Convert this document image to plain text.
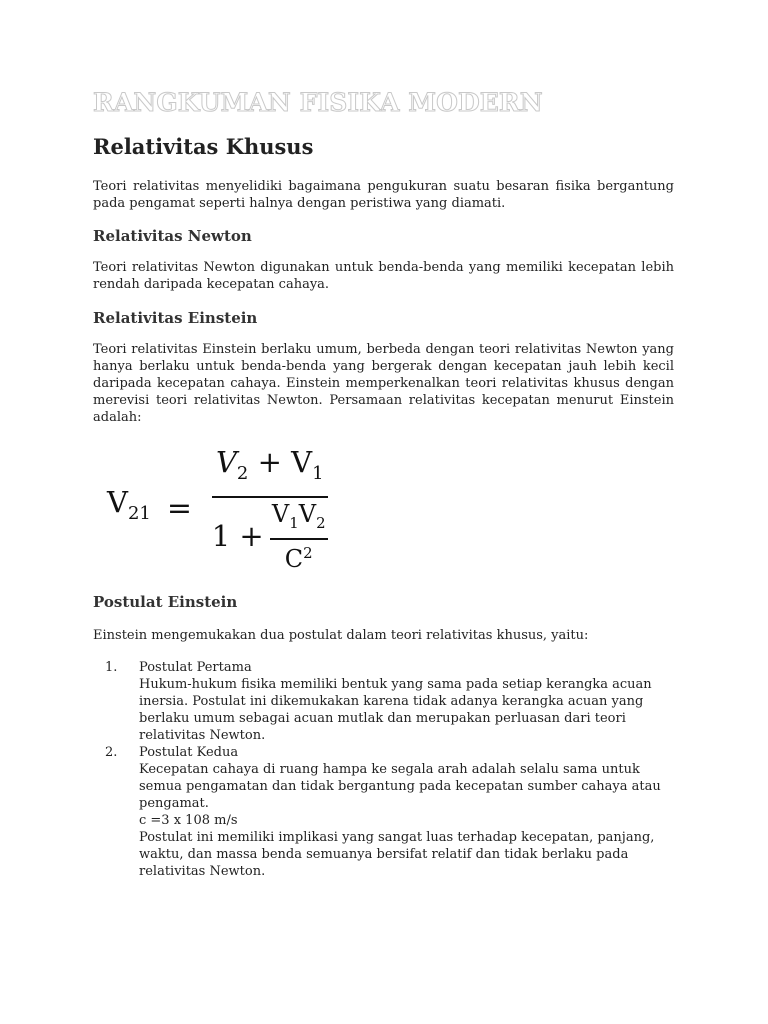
RANGKUMAN FISIKA MODERN
Relativitas Khusus

Teori relativitas menyelidiki bagaimana pengukuran suatu besaran fisika bergantung pada pengamat seperti halnya dengan peristiwa yang diamati.

Relativitas Newton

Teori relativitas Newton digunakan untuk benda-benda yang memiliki kecepatan lebih rendah daripada kecepatan cahaya.

Relativitas Einstein

Teori relativitas Einstein berlaku umum, berbeda dengan teori relativitas Newton yang hanya berlaku untuk benda-benda yang bergerak dengan kecepatan jauh lebih kecil daripada kecepatan cahaya. Einstein memperkenalkan teori relativitas khusus dengan merevisi teori relativitas Newton. Persamaan relativitas kecepatan menurut Einstein adalah:

$V_{21}$ =
$V_2 + V_1$
$1 + \frac{V_1V_2}{C^2}$
Postulat Einstein

Einstein mengemukakan dua postulat dalam teori relativitas khusus, yaitu:

1. Postulat Pertama
Hukum-hukum fisika memiliki bentuk yang sama pada setiap kerangka acuan
inersia. Postulat ini dikemukakan karena tidak adanya kerangka acuan yang
berlaku umum sebagai acuan mutlak dan merupakan perluasan dari teori
relativitas Newton.
2. Postulat Kedua
Kecepatan cahaya di ruang hampa ke segala arah adalah selalu sama untuk
semua pengamatan dan tidak bergantung pada kecepatan sumber cahaya atau
pengamat.
c =3 x 108 m/s
Postulat ini memiliki implikasi yang sangat luas terhadap kecepatan, panjang,
waktu, dan massa benda semuanya bersifat relatif dan tidak berlaku pada
relativitas Newton.
